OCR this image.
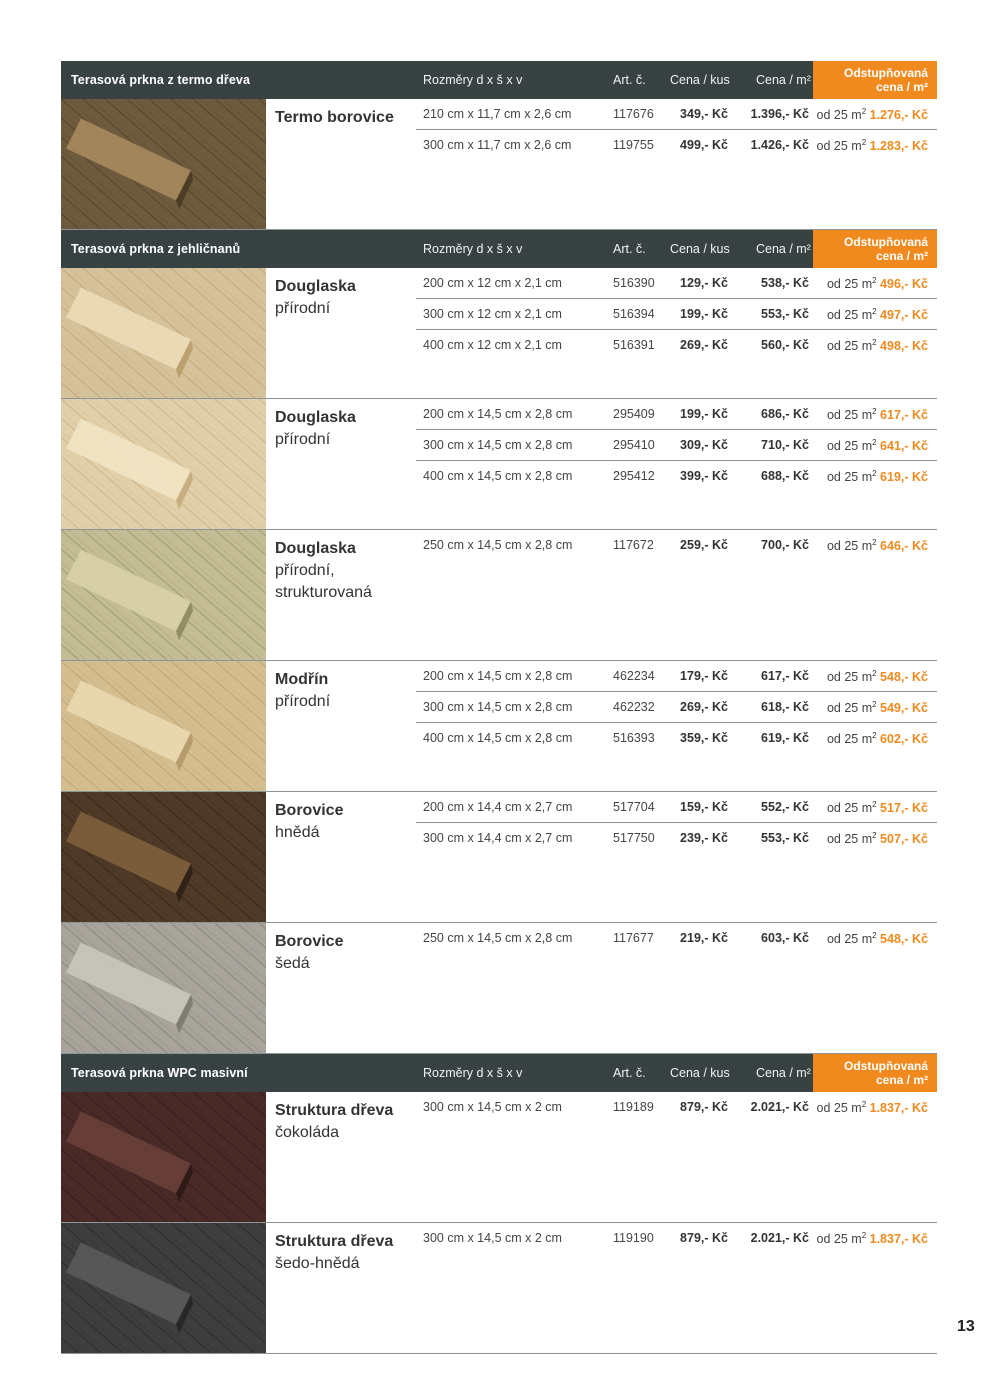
Terasová prkna z termo dřeva	Rozměry d x š x v	Art. č. Cena / kus Cena / m²	Odstupňovaná
cena / m²
Termo borovice 210 cm x 11,7 cm x 2,6 cm	117676 349,- Kč 1.396,- Kč od 25 $m^2$ 1.276,- Kč
300 cm x 11,7 cm x 2,6 cm	119755 499,- Kč 1.426,- Kč od 25 $m^2$ 1.283,- Kč
Terasová prkna z jehličnanů	Rozměry d x š x v	Art. č. Cena / kus Cena / m²	Odstupňovaná
cena / m²
Douglaska
přírodní
200 cm x 12 cm x 2,1 cm	516390 129,- Kč	538,- Kč od 25 $m^2$ 496,- Kč
300 cm x 12 cm x 2,1 cm	516394 199,- Kč	553,- Kč od 25 $m^2$ 497,- Kč
400 cm x 12 cm x 2,1 cm	516391 269,- Kč	560,- Kč od 25 $m^2$ 498,- Kč
Douglaska
přírodní
200 cm x 14,5 cm x 2,8 cm	295409 199,- Kč	686,- Kč od 25 $m^2$ 617,- Kč
300 cm x 14,5 cm x 2,8 cm	295410 309,- Kč	710,- Kč od 25 $m^2$ 641,- Kč
400 cm x 14,5 cm x 2,8 cm	295412 399,- Kč	688,- Kč od 25 $m^2$ 619,- Kč
Douglaska
přírodní,
strukturovaná
250 cm x 14,5 cm x 2,8 cm	117672 259,- Kč	700,- Kč od 25 $m^2$ 646,- Kč
Modřín
přírodní
200 cm x 14,5 cm x 2,8 cm	462234 179,- Kč	617,- Kč od 25 $m^2$ 548,- Kč
300 cm x 14,5 cm x 2,8 cm	462232 269,- Kč	618,- Kč od 25 $m^2$ 549,- Kč
400 cm x 14,5 cm x 2,8 cm	516393 359,- Kč	619,- Kč od 25 $m^2$ 602,- Kč
Borovice
hnědá
200 cm x 14,4 cm x 2,7 cm	517704 159,- Kč	552,- Kč od 25 $m^2$ 517,- Kč
300 cm x 14,4 cm x 2,7 cm	517750 239,- Kč	553,- Kč od 25 $m^2$ 507,- Kč
Borovice
šedá
250 cm x 14,5 cm x 2,8 cm	117677 219,- Kč	603,- Kč od 25 $m^2$ 548,- Kč
Terasová prkna WPC masivní	Rozměry d x š x v	Art. č. Cena / kus Cena / m²	Odstupňovaná
cena / m²
Struktura dřeva
čokoláda
300 cm x 14,5 cm x 2 cm	119189 879,- Kč 2.021,- Kč od 25 $m^2$ 1.837,- Kč
Struktura dřeva
šedo-hnědá
300 cm x 14,5 cm x 2 cm	119190 879,- Kč 2.021,- Kč od 25 $m^2$ 1.837,- Kč
13
